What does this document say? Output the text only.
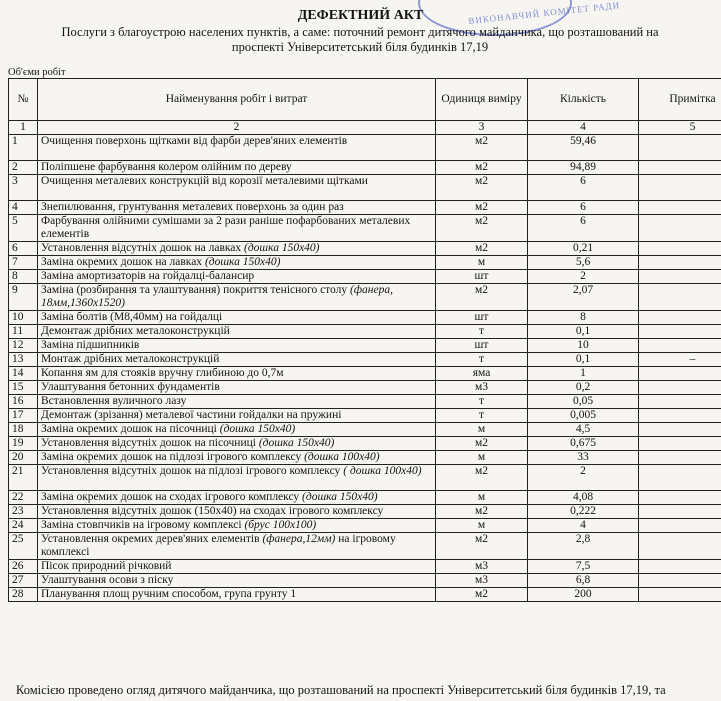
ВИКОНАВЧИЙ КОМІТЕТ РАДИ
ДЕФЕКТНИЙ АКТ

Послуги з благоустрою населених пунктів, а саме: поточний ремонт дитячого майданчика, що розташований на проспекті Університетський біля будинків 17,19

Об'єми робіт
№	Найменування робіт і витрат	Одиниця виміру	Кількість	Примітка
1	2	3	4	5
1	Очищення поверхонь щітками від фарби дерев'яних елементів	м2	59,46	
2	Поліпшене фарбування колером олійним по дереву	м2	94,89	
3	Очищення металевих конструкцій від корозії металевими щітками	м2	6	
4	Знепилювання, грунтування металевих поверхонь за один раз	м2	6	
5	Фарбування олійними сумішами за 2 рази раніше пофарбованих металевих елементів	м2	6	
6	Установлення відсутніх дошок на лавках (дошка 150х40)	м2	0,21	
7	Заміна окремих дошок на лавках (дошка 150х40)	м	5,6	
8	Заміна амортизаторів на гойдалці-балансир	шт	2	
9	Заміна (розбирання та улаштування) покриття тенісного столу (фанера, 18мм,1360х1520)	м2	2,07	
10	Заміна болтів (М8,40мм) на гойдалці	шт	8	
11	Демонтаж дрібних металоконструкцій	т	0,1	
12	Заміна підшипників	шт	10	
13	Монтаж дрібних металоконструкцій	т	0,1	–
14	Копання ям для стояків вручну глибиною до 0,7м	яма	1	
15	Улаштування бетонних фундаментів	м3	0,2	
16	Встановлення вуличного лазу	т	0,05	
17	Демонтаж (зрізання) металевої частини гойдалки на пружині	т	0,005	
18	Заміна окремих дошок на пісочниці (дошка 150х40)	м	4,5	
19	Установлення відсутніх дошок на пісочниці (дошка 150х40)	м2	0,675	
20	Заміна окремих дошок на підлозі ігрового комплексу (дошка 100х40)	м	33	
21	Установлення відсутніх дошок на підлозі ігрового комплексу ( дошка 100х40)	м2	2	
22	Заміна окремих дошок на сходах ігрового комплексу (дошка 150х40)	м	4,08	
23	Установлення відсутніх дошок (150х40) на сходах ігрового комплексу	м2	0,222	
24	Заміна стовпчиків на ігровому комплексі (брус 100х100)	м	4	
25	Установлення окремих дерев'яних елементів (фанера,12мм) на ігровому комплексі	м2	2,8	
26	Пісок природний річковий	м3	7,5	
27	Улаштування осови з піску	м3	6,8	
28	Планування площ ручним способом, група грунту 1	м2	200	

Комісією проведено огляд дитячого майданчика, що розташований на проспекті Університетський біля будинків 17,19, та
